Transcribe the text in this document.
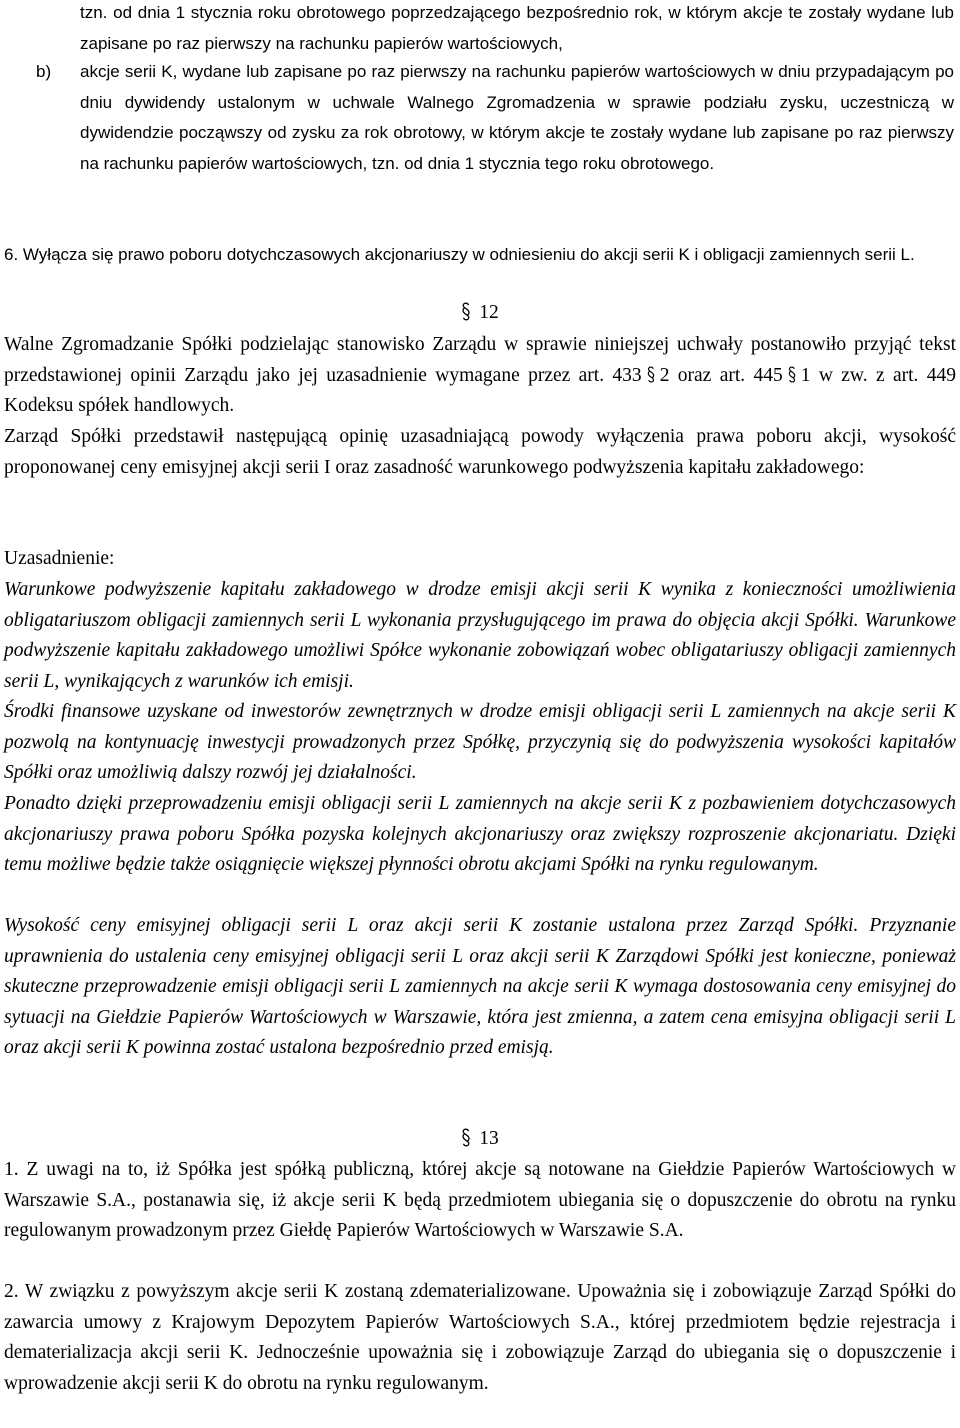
tzn. od dnia 1 stycznia roku obrotowego poprzedzającego bezpośrednio rok, w którym akcje te zostały wydane lub zapisane po raz pierwszy na rachunku papierów wartościowych,
b) akcje serii K, wydane lub zapisane po raz pierwszy na rachunku papierów wartościowych w dniu przypadającym po dniu dywidendy ustalonym w uchwale Walnego Zgromadzenia w sprawie podziału zysku, uczestniczą w dywidendzie począwszy od zysku za rok obrotowy, w którym akcje te zostały wydane lub zapisane po raz pierwszy na rachunku papierów wartościowych, tzn. od dnia 1 stycznia tego roku obrotowego.
6. Wyłącza się prawo poboru dotychczasowych akcjonariuszy w odniesieniu do akcji serii K i obligacji zamiennych serii L.
12
Walne Zgromadzanie Spółki podzielając stanowisko Zarządu w sprawie niniejszej uchwały postanowiło przyjąć tekst przedstawionej opinii Zarządu jako jej uzasadnienie wymagane przez art. 433 2 oraz art. 445 1 w zw. z art. 449 Kodeksu spółek handlowych.
Zarząd Spółki przedstawił następującą opinię uzasadniającą powody wyłączenia prawa poboru akcji, wysokość proponowanej ceny emisyjnej akcji serii I oraz zasadność warunkowego podwyższenia kapitału zakładowego:
Uzasadnienie:
Warunkowe podwyższenie kapitału zakładowego w drodze emisji akcji serii K wynika z konieczności umożliwienia obligatariuszom obligacji zamiennych serii L wykonania przysługującego im prawa do objęcia akcji Spółki. Warunkowe podwyższenie kapitału zakładowego umożliwi Spółce wykonanie zobowiązań wobec obligatariuszy obligacji zamiennych serii L, wynikających z warunków ich emisji.
Środki finansowe uzyskane od inwestorów zewnętrznych w drodze emisji obligacji serii L zamiennych na akcje serii K pozwolą na kontynuację inwestycji prowadzonych przez Spółkę, przyczynią się do podwyższenia wysokości kapitałów Spółki oraz umożliwią dalszy rozwój jej działalności.
Ponadto dzięki przeprowadzeniu emisji obligacji serii L zamiennych na akcje serii K z pozbawieniem dotychczasowych akcjonariuszy prawa poboru Spółka pozyska kolejnych akcjonariuszy oraz zwiększy rozproszenie akcjonariatu. Dzięki temu możliwe będzie także osiągnięcie większej płynności obrotu akcjami Spółki na rynku regulowanym.
Wysokość ceny emisyjnej obligacji serii L oraz akcji serii K zostanie ustalona przez Zarząd Spółki. Przyznanie uprawnienia do ustalenia ceny emisyjnej obligacji serii L oraz akcji serii K Zarządowi Spółki jest konieczne, ponieważ skuteczne przeprowadzenie emisji obligacji serii L zamiennych na akcje serii K wymaga dostosowania ceny emisyjnej do sytuacji na Giełdzie Papierów Wartościowych w Warszawie, która jest zmienna, a zatem cena emisyjna obligacji serii L oraz akcji serii K powinna zostać ustalona bezpośrednio przed emisją.
13
1. Z uwagi na to, iż Spółka jest spółką publiczną, której akcje są notowane na Giełdzie Papierów Wartościowych w Warszawie S.A., postanawia się, iż akcje serii K będą przedmiotem ubiegania się o dopuszczenie do obrotu na rynku regulowanym prowadzonym przez Giełdę Papierów Wartościowych w Warszawie S.A.
2. W związku z powyższym akcje serii K zostaną zdematerializowane. Upoważnia się i zobowiązuje Zarząd Spółki do zawarcia umowy z Krajowym Depozytem Papierów Wartościowych S.A., której przedmiotem będzie rejestracja i dematerializacja akcji serii K. Jednocześnie upoważnia się i zobowiązuje Zarząd do ubiegania się o dopuszczenie i wprowadzenie akcji serii K do obrotu na rynku regulowanym.
